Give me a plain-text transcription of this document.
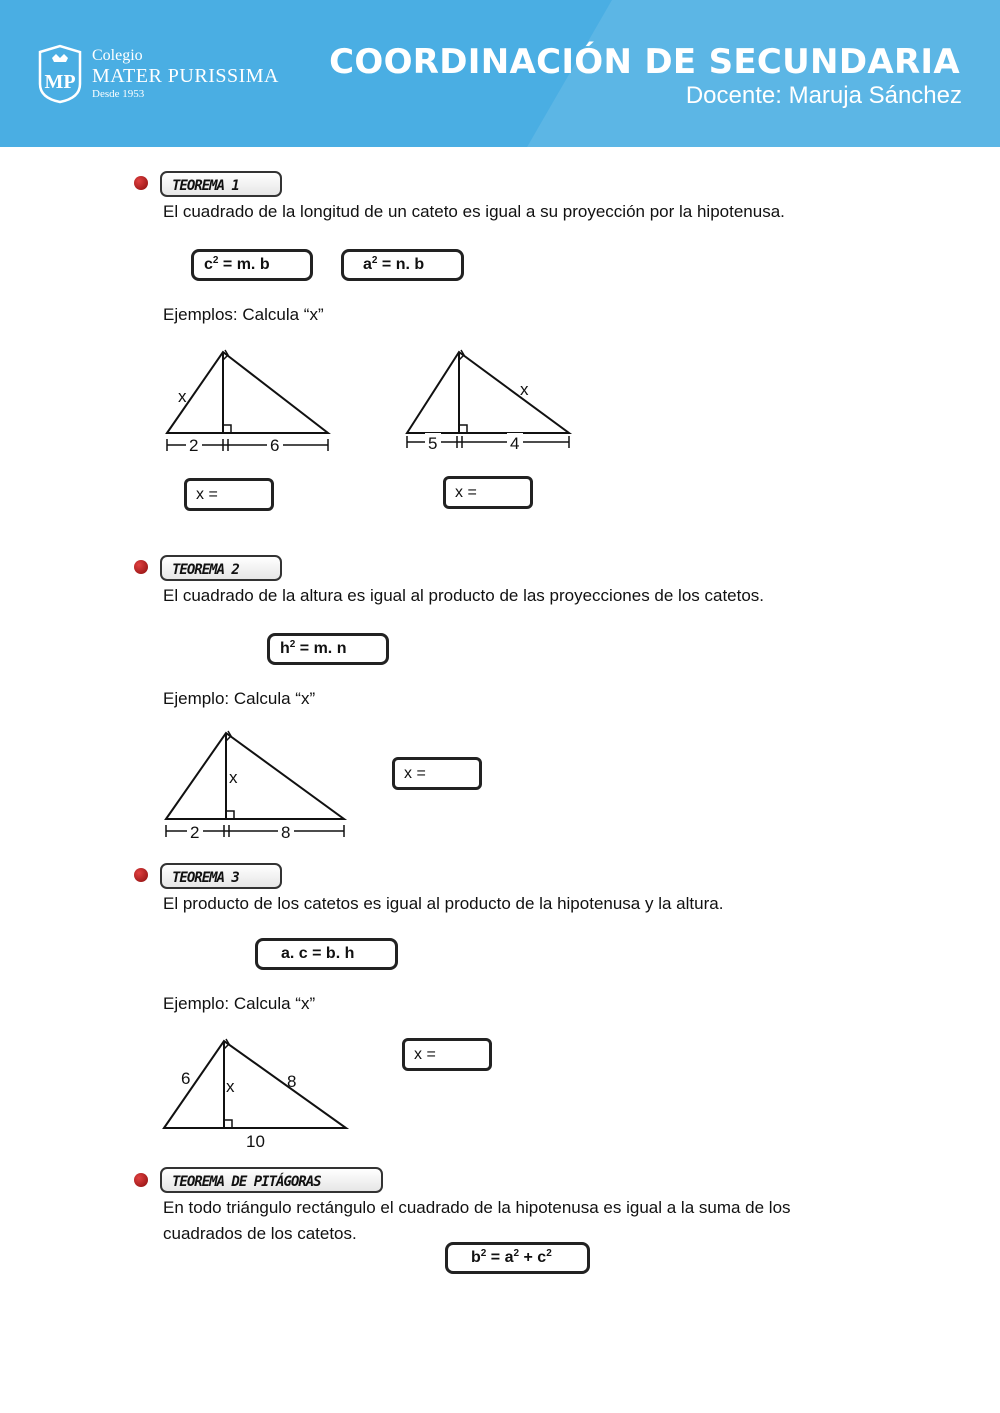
MP
Colegio
MATER PURISSIMA
Desde 1953
COORDINACIÓN DE SECUNDARIA
Docente: Maruja Sánchez
TEOREMA 1
El cuadrado de la longitud de un cateto es igual a su proyección por la hipotenusa.
$c^2 = m$. b	$a^2 = n$. b
Ejemplos: Calcula “x”
x
2	6
x
5	4
x =	x =
TEOREMA 2
El cuadrado de la altura es igual al producto de las proyecciones de los catetos.
$h^2 = m$. n
Ejemplo: Calcula “x”
x
2	8
x =
TEOREMA 3
El producto de los catetos es igual al producto de la hipotenusa y la altura.
a. c = b. h
Ejemplo: Calcula “x”
6	8
x
10
x =
TEOREMA DE PITÁGORAS
En todo triángulo rectángulo el cuadrado de la hipotenusa es igual a la suma de los
cuadrados de los catetos.
$b^2 = a^2 + c^2$
